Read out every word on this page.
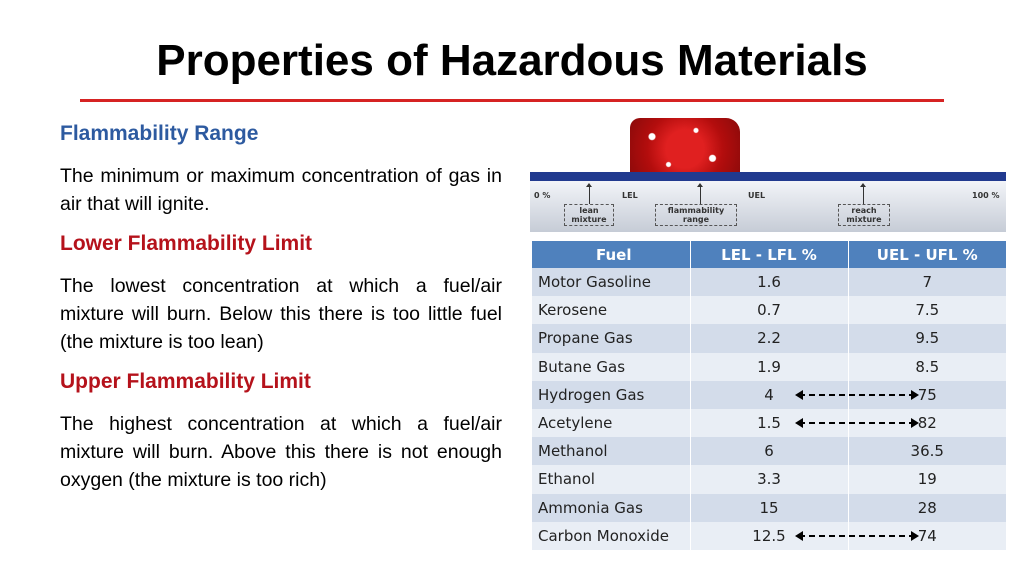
Properties of Hazardous Materials
Flammability Range
The minimum or maximum concentration of gas in air that will ignite.
Lower Flammability Limit
The lowest concentration at which a fuel/air mixture will burn. Below this there is too little fuel (the mixture is too lean)
Upper Flammability Limit
The highest concentration at which a fuel/air mixture will burn. Above this there is not enough oxygen (the mixture is too rich)
0 %	LEL	UEL	100 %
lean mixture
flammability range
reach mixture
Fuel	LEL - LFL %	UEL - UFL %
Motor Gasoline	1.6	7
Kerosene	0.7	7.5
Propane Gas	2.2	9.5
Butane Gas	1.9	8.5
Hydrogen Gas	4	75
Acetylene	1.5	82
Methanol	6	36.5
Ethanol	3.3	19
Ammonia Gas	15	28
Carbon Monoxide	12.5	74
